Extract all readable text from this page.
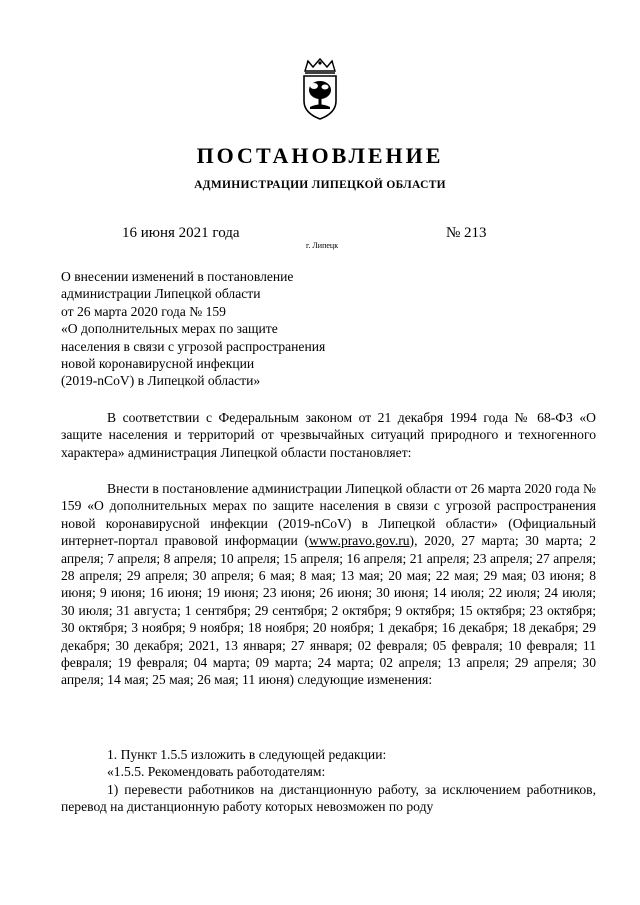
ПОСТАНОВЛЕНИЕ
АДМИНИСТРАЦИИ ЛИПЕЦКОЙ ОБЛАСТИ
16 июня 2021 года
г. Липецк
№ 213
О внесении изменений в постановление
администрации Липецкой области
от 26 марта 2020 года № 159
«О дополнительных мерах по защите
населения в связи с угрозой распространения
новой коронавирусной инфекции
(2019-nCoV) в Липецкой области»
В соответствии с Федеральным законом от 21 декабря 1994 года № 68-ФЗ «О защите населения и территорий от чрезвычайных ситуаций природного и техногенного характера» администрация Липецкой области постановляет:
Внести в постановление администрации Липецкой области от 26 марта 2020 года № 159 «О дополнительных мерах по защите населения в связи с угрозой распространения новой коронавирусной инфекции (2019-nCoV) в Липецкой области» (Официальный интернет-портал правовой информации (www.pravo.gov.ru), 2020, 27 марта; 30 марта; 2 апреля; 7 апреля; 8 апреля; 10 апреля; 15 апреля; 16 апреля; 21 апреля; 23 апреля; 27 апреля; 28 апреля; 29 апреля; 30 апреля; 6 мая; 8 мая; 13 мая; 20 мая; 22 мая; 29 мая; 03 июня; 8 июня; 9 июня; 16 июня; 19 июня; 23 июня; 26 июня; 30 июня; 14 июля; 22 июля; 24 июля; 30 июля; 31 августа; 1 сентября; 29 сентября; 2 октября; 9 октября; 15 октября; 23 октября; 30 октября; 3 ноября; 9 ноября; 18 ноября; 20 ноября; 1 декабря; 16 декабря; 18 декабря; 29 декабря; 30 декабря; 2021, 13 января; 27 января; 02 февраля; 05 февраля; 10 февраля; 11 февраля; 19 февраля; 04 марта; 09 марта; 24 марта; 02 апреля; 13 апреля; 29 апреля; 30 апреля; 14 мая; 25 мая; 26 мая; 11 июня) следующие изменения:

1. Пункт 1.5.5 изложить в следующей редакции:

«1.5.5. Рекомендовать работодателям:

1) перевести работников на дистанционную работу, за исключением работников, перевод на дистанционную работу которых невозможен по роду
